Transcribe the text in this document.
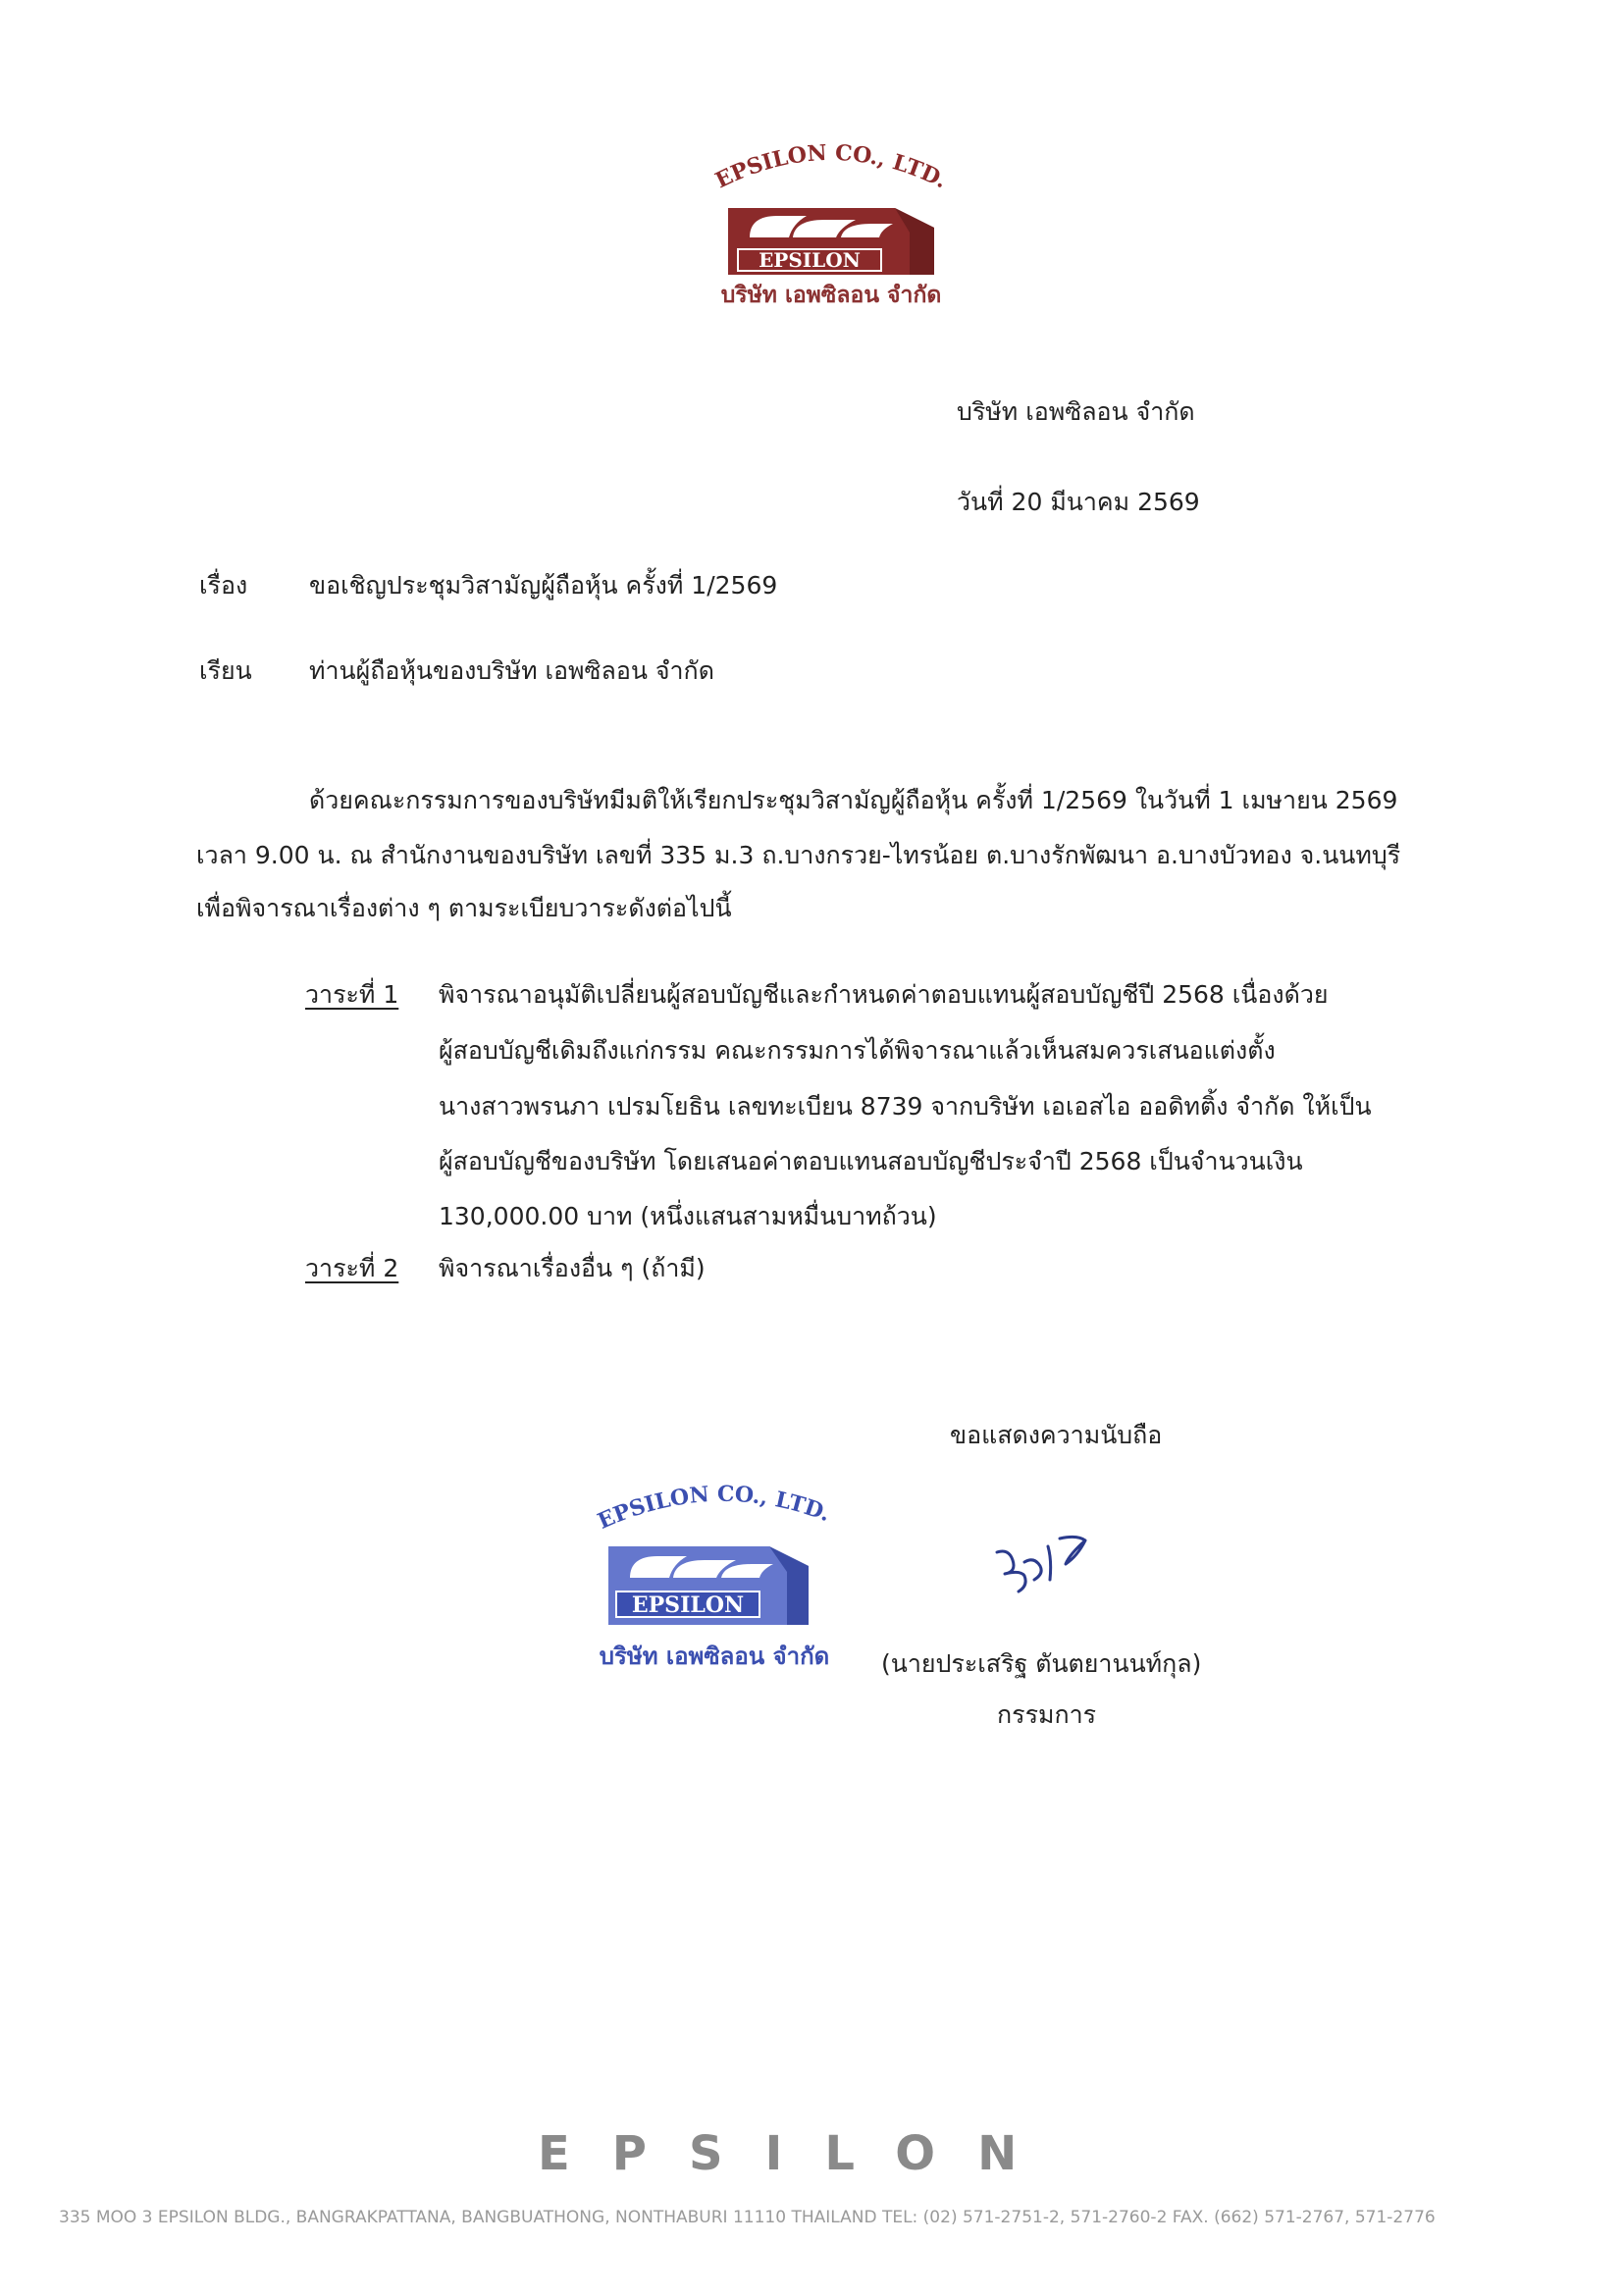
EPSILON CO., LTD.
EPSILON
บริษัท เอพซิลอน จำกัด
บริษัท เอพซิลอน จำกัด
วันที่ 20 มีนาคม 2569
เรื่อง	ขอเชิญประชุมวิสามัญผู้ถือหุ้น ครั้งที่ 1/2569
เรียน ท่านผู้ถือหุ้นของบริษัท เอพซิลอน จำกัด
ด้วยคณะกรรมการของบริษัทมีมติให้เรียกประชุมวิสามัญผู้ถือหุ้น ครั้งที่ 1/2569 ในวันที่ 1 เมษายน 2569
เวลา 9.00 น. ณ สำนักงานของบริษัท เลขที่ 335 ม.3 ถ.บางกรวย-ไทรน้อย ต.บางรักพัฒนา อ.บางบัวทอง จ.นนทบุรี
เพื่อพิจารณาเรื่องต่าง ๆ ตามระเบียบวาระดังต่อไปนี้
วาระที่ 1 พิจารณาอนุมัติเปลี่ยนผู้สอบบัญชีและกำหนดค่าตอบแทนผู้สอบบัญชีปี 2568 เนื่องด้วย
ผู้สอบบัญชีเดิมถึงแก่กรรม คณะกรรมการได้พิจารณาแล้วเห็นสมควรเสนอแต่งตั้ง
นางสาวพรนภา เปรมโยธิน เลขทะเบียน 8739 จากบริษัท เอเอสไอ ออดิทติ้ง จำกัด ให้เป็น
ผู้สอบบัญชีของบริษัท โดยเสนอค่าตอบแทนสอบบัญชีประจำปี 2568 เป็นจำนวนเงิน
130,000.00 บาท (หนึ่งแสนสามหมื่นบาทถ้วน)
วาระที่ 2 พิจารณาเรื่องอื่น ๆ (ถ้ามี)
ขอแสดงความนับถือ
EPSILON CO., LTD.
EPSILON
บริษัท เอพซิลอน จำกัด	(นายประเสริฐ ตันตยานนท์กุล)
กรรมการ
EPSILON
335 MOO 3 EPSILON BLDG., BANGRAKPATTANA, BANGBUATHONG, NONTHABURI 11110 THAILAND TEL: (02) 571-2751-2, 571-2760-2 FAX. (662) 571-2767, 571-2776
